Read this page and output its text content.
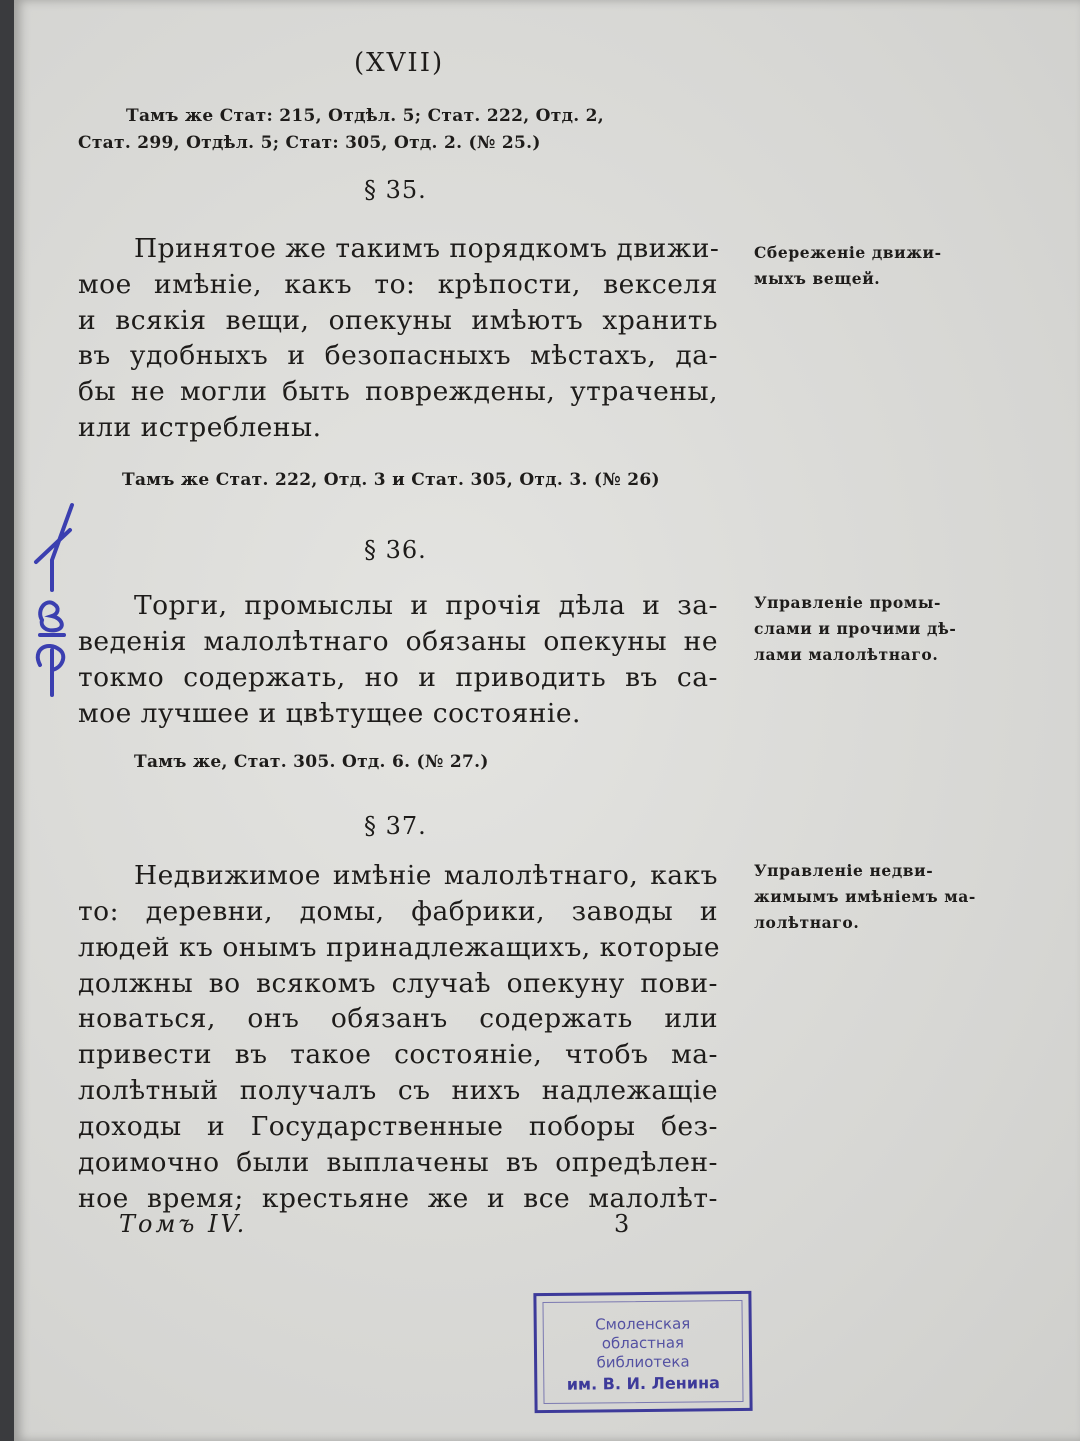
(XVII)

Тамъ же Стат: 215, Отдѣл. 5; Стат. 222, Отд. 2,

Стат. 299, Отдѣл. 5; Стат: 305, Отд. 2. (№ 25.)

§ 35.

Принятое же такимъ порядкомъ движи-
мое имѣніе, какъ то: крѣпости, векселя
и всякія вещи, опекуны имѣютъ хранить
въ удобныхъ и безопасныхъ мѣстахъ, да-
бы не могли быть повреждены, утрачены,
или истреблены.

Тамъ же Стат. 222, Отд. 3 и Стат. 305, Отд. 3. (№ 26)

Сбереженіе движи-
мыхъ вещей.

§ 36.

Торги, промыслы и прочія дѣла и за-
веденія малолѣтнаго обязаны опекуны не
токмо содержать, но и приводить въ са-
мое лучшее и цвѣтущее состояніе.

Тамъ же, Стат. 305. Отд. 6. (№ 27.)

Управленіе промы-
слами и прочими дѣ-
лами малолѣтнаго.

§ 37.

Недвижимое имѣніе малолѣтнаго, какъ
то: деревни, домы, фабрики, заводы и
людей къ онымъ принадлежащихъ, которые
должны во всякомъ случаѣ опекуну пови-
новаться, онъ обязанъ содержать или
привести въ такое состояніе, чтобъ ма-
лолѣтный получалъ съ нихъ надлежащіе
доходы и Государственные поборы без-
доимочно были выплачены въ опредѣлен-
ное время; крестьяне же и все малолѣт-
Управленіе недви-
жимымъ имѣніемъ ма-
лолѣтнаго.

Томъ IV.	3

Смоленская
областная
библиотека
им. В. И. Ленина
